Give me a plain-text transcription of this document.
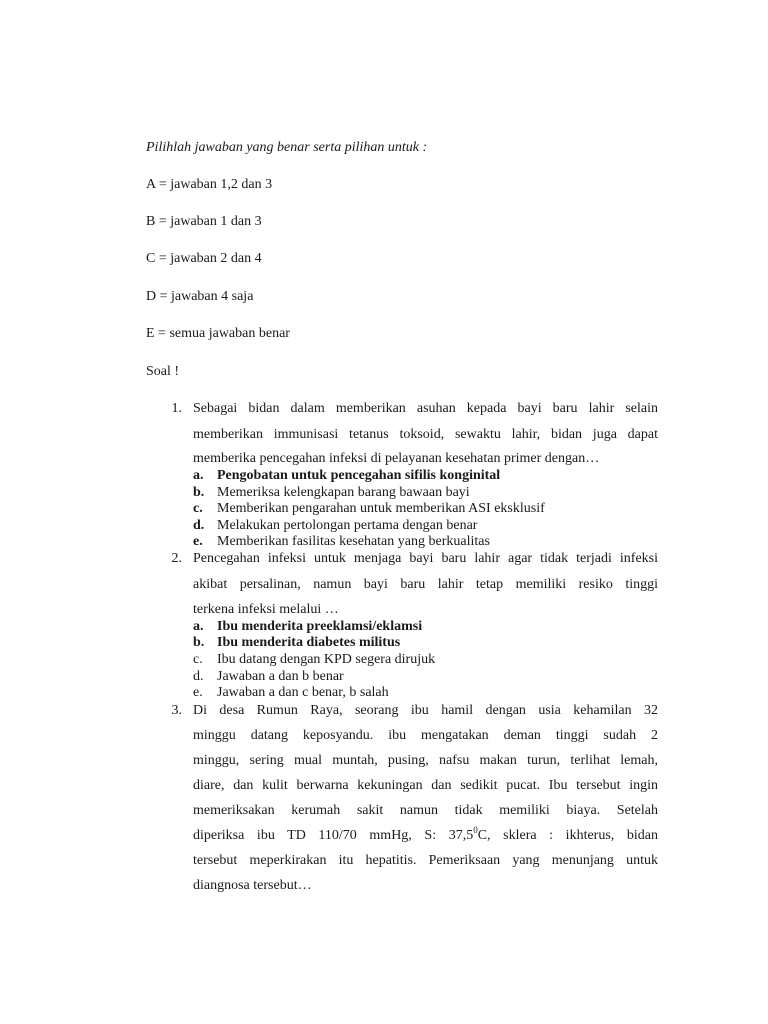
Pilihlah jawaban yang benar serta pilihan untuk :
A = jawaban 1,2 dan 3
B = jawaban 1 dan 3
C = jawaban 2 dan 4
D = jawaban 4 saja
E = semua jawaban benar
Soal !
1. Sebagai bidan dalam memberikan asuhan kepada bayi baru lahir selain
memberikan immunisasi tetanus toksoid, sewaktu lahir, bidan juga dapat
memberika pencegahan infeksi di pelayanan kesehatan primer dengan…
a. Pengobatan untuk pencegahan sifilis konginital
b. Memeriksa kelengkapan barang bawaan bayi
c. Memberikan pengarahan untuk memberikan ASI eksklusif
d. Melakukan pertolongan pertama dengan benar
e. Memberikan fasilitas kesehatan yang berkualitas
2. Pencegahan infeksi untuk menjaga bayi baru lahir agar tidak terjadi infeksi
akibat persalinan, namun bayi baru lahir tetap memiliki resiko tinggi
terkena infeksi melalui …
a. Ibu menderita preeklamsi/eklamsi
b. Ibu menderita diabetes militus
c. Ibu datang dengan KPD segera dirujuk
d. Jawaban a dan b benar
e. Jawaban a dan c benar, b salah
3. Di desa Rumun Raya, seorang ibu hamil dengan usia kehamilan 32
minggu datang keposyandu. ibu mengatakan deman tinggi sudah 2
minggu, sering mual muntah, pusing, nafsu makan turun, terlihat lemah,
diare, dan kulit berwarna kekuningan dan sedikit pucat. Ibu tersebut ingin
memeriksakan kerumah sakit namun tidak memiliki biaya. Setelah
diperiksa ibu TD 110/70 mmHg, S: 37,5$^0$C, sklera : ikhterus, bidan
tersebut meperkirakan itu hepatitis. Pemeriksaan yang menunjang untuk
diangnosa tersebut…
